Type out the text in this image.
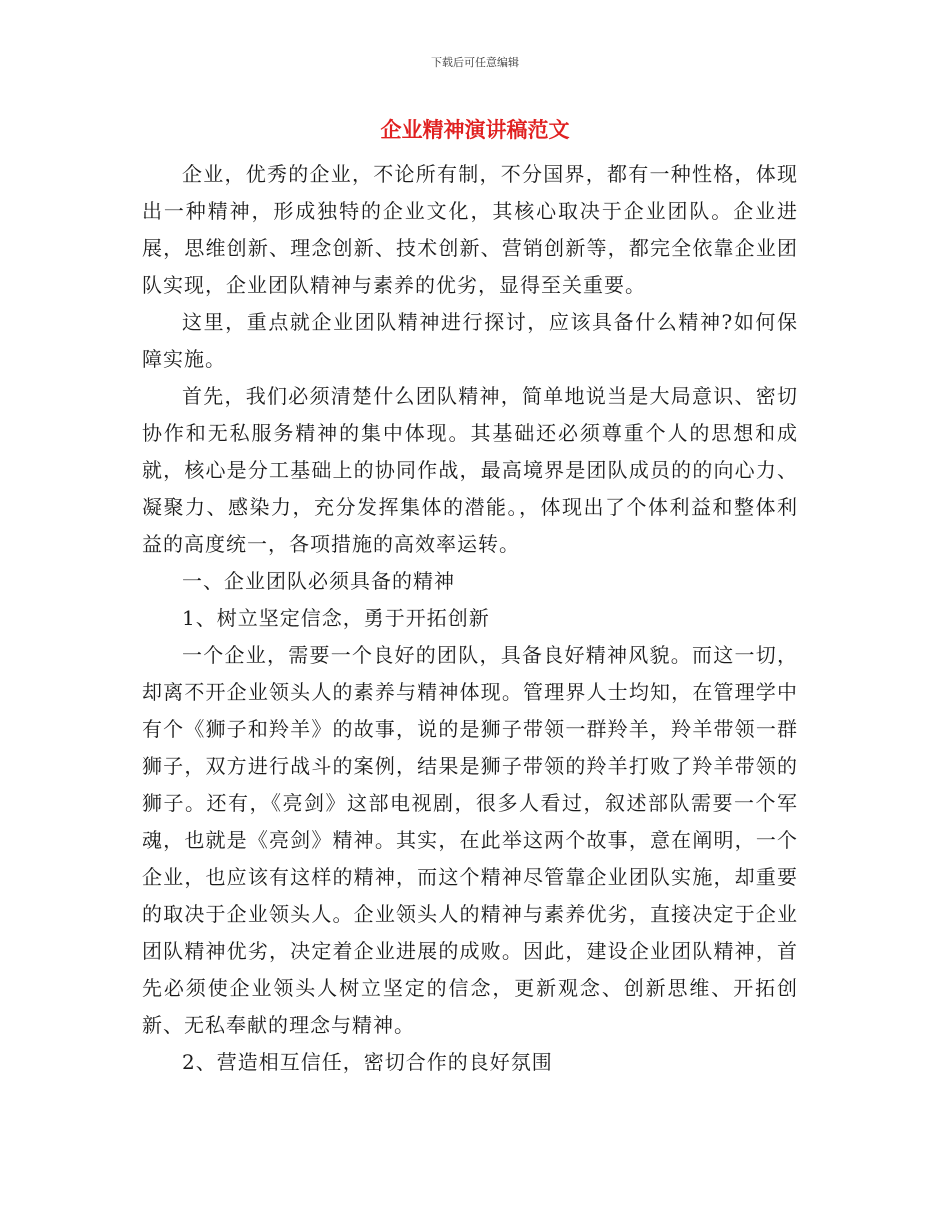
下载后可任意编辑
企业精神演讲稿范文

企业，优秀的企业，不论所有制，不分国界，都有一种性格，体现出一种精神，形成独特的企业文化，其核心取决于企业团队。企业进展，思维创新、理念创新、技术创新、营销创新等，都完全依靠企业团队实现，企业团队精神与素养的优劣，显得至关重要。

这里，重点就企业团队精神进行探讨，应该具备什么精神?如何保障实施。

首先，我们必须清楚什么团队精神，简单地说当是大局意识、密切协作和无私服务精神的集中体现。其基础还必须尊重个人的思想和成就，核心是分工基础上的协同作战，最高境界是团队成员的的向心力、凝聚力、感染力，充分发挥集体的潜能。，体现出了个体利益和整体利益的高度统一，各项措施的高效率运转。

一、企业团队必须具备的精神

1、树立坚定信念，勇于开拓创新

一个企业，需要一个良好的团队，具备良好精神风貌。而这一切，却离不开企业领头人的素养与精神体现。管理界人士均知，在管理学中有个《狮子和羚羊》的故事，说的是狮子带领一群羚羊，羚羊带领一群狮子，双方进行战斗的案例，结果是狮子带领的羚羊打败了羚羊带领的狮子。还有，《亮剑》这部电视剧，很多人看过，叙述部队需要一个军魂，也就是《亮剑》精神。其实，在此举这两个故事，意在阐明，一个企业，也应该有这样的精神，而这个精神尽管靠企业团队实施，却重要的取决于企业领头人。企业领头人的精神与素养优劣，直接决定于企业团队精神优劣，决定着企业进展的成败。因此，建设企业团队精神，首先必须使企业领头人树立坚定的信念，更新观念、创新思维、开拓创新、无私奉献的理念与精神。

2、营造相互信任，密切合作的良好氛围
